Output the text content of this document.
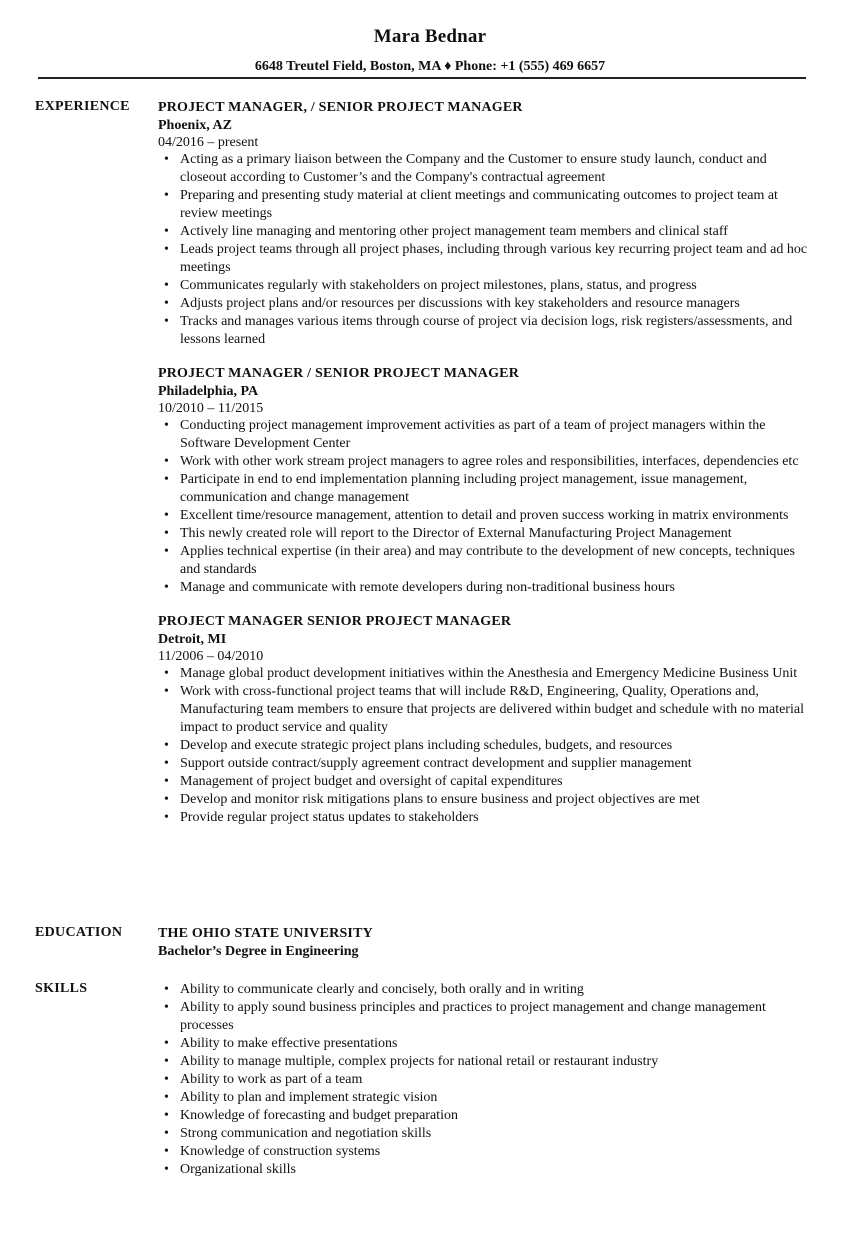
Mara Bednar
6648 Treutel Field, Boston, MA ♦ Phone: +1 (555) 469 6657
EXPERIENCE PROJECT MANAGER, / SENIOR PROJECT MANAGER
Phoenix, AZ
04/2016 – present
• Acting as a primary liaison between the Company and the Customer to ensure study launch, conduct and closeout according to Customer’s and the Company's contractual agreement
• Preparing and presenting study material at client meetings and communicating outcomes to project team at review meetings
• Actively line managing and mentoring other project management team members and clinical staff
• Leads project teams through all project phases, including through various key recurring project team and ad hoc meetings
• Communicates regularly with stakeholders on project milestones, plans, status, and progress
• Adjusts project plans and/or resources per discussions with key stakeholders and resource managers
• Tracks and manages various items through course of project via decision logs, risk registers/assessments, and lessons learned
PROJECT MANAGER / SENIOR PROJECT MANAGER
Philadelphia, PA
10/2010 – 11/2015
• Conducting project management improvement activities as part of a team of project managers within the Software Development Center
• Work with other work stream project managers to agree roles and responsibilities, interfaces, dependencies etc
• Participate in end to end implementation planning including project management, issue management, communication and change management
• Excellent time/resource management, attention to detail and proven success working in matrix environments
• This newly created role will report to the Director of External Manufacturing Project Management
• Applies technical expertise (in their area) and may contribute to the development of new concepts, techniques and standards
• Manage and communicate with remote developers during non-traditional business hours
PROJECT MANAGER SENIOR PROJECT MANAGER
Detroit, MI
11/2006 – 04/2010
• Manage global product development initiatives within the Anesthesia and Emergency Medicine Business Unit
• Work with cross-functional project teams that will include R&D, Engineering, Quality, Operations and, Manufacturing team members to ensure that projects are delivered within budget and schedule with no material impact to product service and quality
• Develop and execute strategic project plans including schedules, budgets, and resources
• Support outside contract/supply agreement contract development and supplier management
• Management of project budget and oversight of capital expenditures
• Develop and monitor risk mitigations plans to ensure business and project objectives are met
• Provide regular project status updates to stakeholders
EDUCATION	THE OHIO STATE UNIVERSITY
Bachelor’s Degree in Engineering
SKILLS
•	Ability to communicate clearly and concisely, both orally and in writing
• Ability to apply sound business principles and practices to project management and change management processes
• Ability to make effective presentations
• Ability to manage multiple, complex projects for national retail or restaurant industry
• Ability to work as part of a team
• Ability to plan and implement strategic vision
• Knowledge of forecasting and budget preparation
• Strong communication and negotiation skills
• Knowledge of construction systems
• Organizational skills
